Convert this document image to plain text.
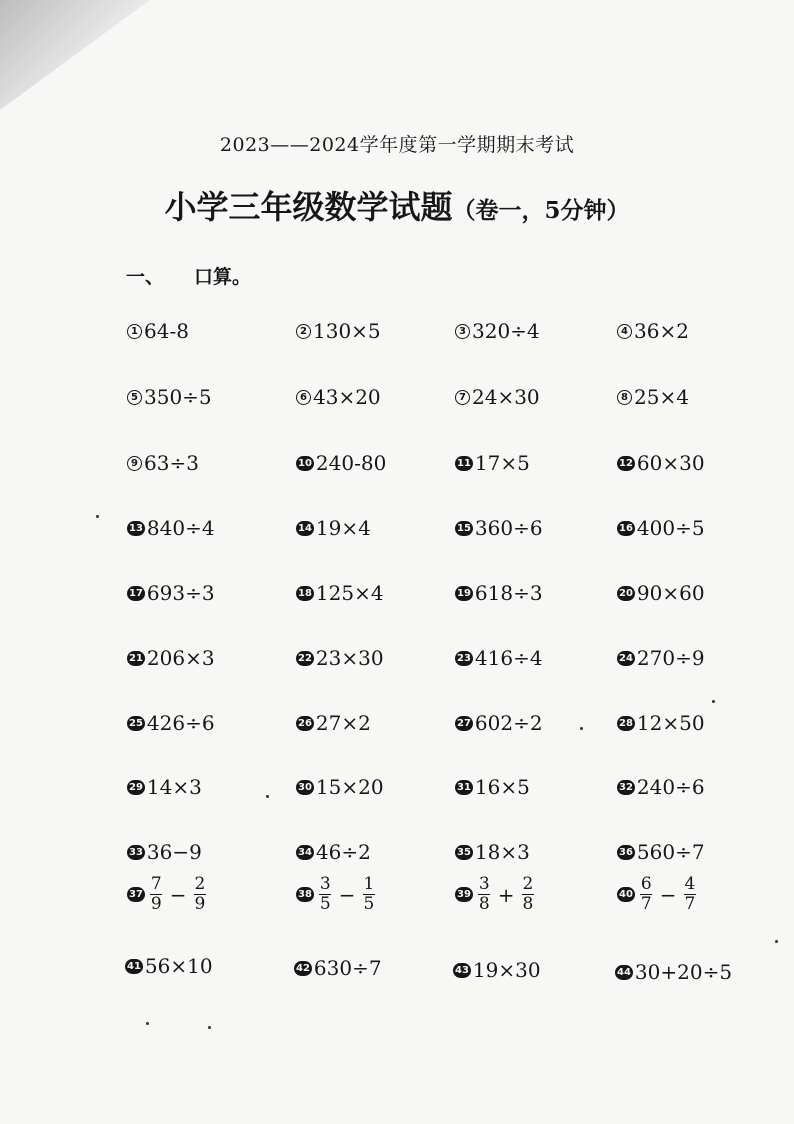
2023——2024学年度第一学期期末考试
小学三年级数学试题（卷一，5分钟）
一、 口算。
1 64-8	2 130×5	3 320÷4	4 36×2
5 350÷5	6 43×20	7 24×30	8 25×4
9 63÷3	10 240-80	11 17×5	12 60×30
13 840÷4	14 19×4	15 360÷6	16 400÷5
17 693÷3	18 125×4	19 618÷3	20 90×60
21 206×3	22 23×30	23 416÷4	24 270÷9
25 426÷6	26 27×2	27 602÷2	28 12×50
29 14×3	30 15×20	31 16×5	32 240÷6
33 36−9	34 46÷2	35 18×3	36 560÷7
$37 \frac{7}{9} - \frac{2}{9}$	$38 \frac{3}{5} - \frac{1}{5}$	$39 \frac{3}{8} + \frac{2}{8}$	$40 \frac{6}{7} - \frac{4}{7}$
41 56×10	42 630÷7	43 19×30	44 30+20÷5
